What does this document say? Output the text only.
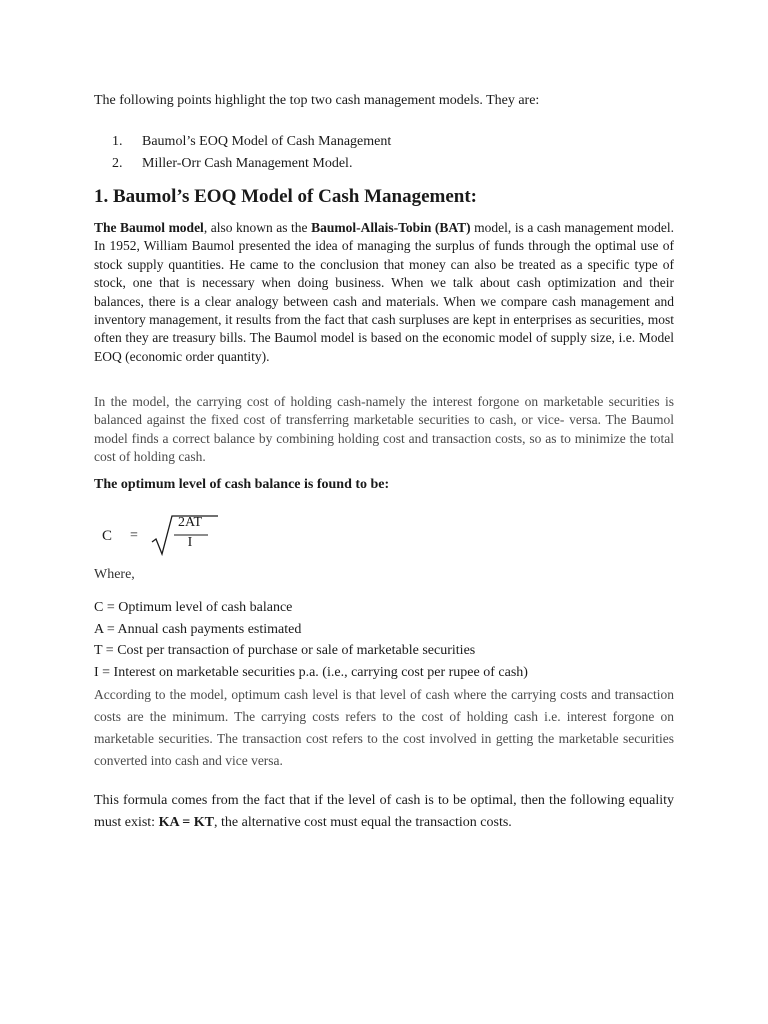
The following points highlight the top two cash management models. They are:

1. Baumol’s EOQ Model of Cash Management
2. Miller-Orr Cash Management Model.
1. Baumol’s EOQ Model of Cash Management:

The Baumol model, also known as the Baumol-Allais-Tobin (BAT) model, is a cash management model. In 1952, William Baumol presented the idea of managing the surplus of funds through the optimal use of stock supply quantities. He came to the conclusion that money can also be treated as a specific type of stock, one that is necessary when doing business. When we talk about cash optimization and their balances, there is a clear analogy between cash and materials. When we compare cash management and inventory management, it results from the fact that cash surpluses are kept in enterprises as securities, most often they are treasury bills. The Baumol model is based on the economic model of supply size, i.e. Model EOQ (economic order quantity).

In the model, the carrying cost of holding cash-namely the interest forgone on marketable securities is balanced against the fixed cost of transferring marketable securities to cash, or vice- versa. The Baumol model finds a correct balance by combining holding cost and transaction costs, so as to minimize the total cost of holding cash.

The optimum level of cash balance is found to be:

C =
2AT
I

Where,

C = Optimum level of cash balance
A = Annual cash payments estimated
T = Cost per transaction of purchase or sale of marketable securities
I = Interest on marketable securities p.a. (i.e., carrying cost per rupee of cash)

According to the model, optimum cash level is that level of cash where the carrying costs and transaction costs are the minimum. The carrying costs refers to the cost of holding cash i.e. interest forgone on marketable securities. The transaction cost refers to the cost involved in getting the marketable securities converted into cash and vice versa.

This formula comes from the fact that if the level of cash is to be optimal, then the following equality must exist: KA = KT, the alternative cost must equal the transaction costs.
